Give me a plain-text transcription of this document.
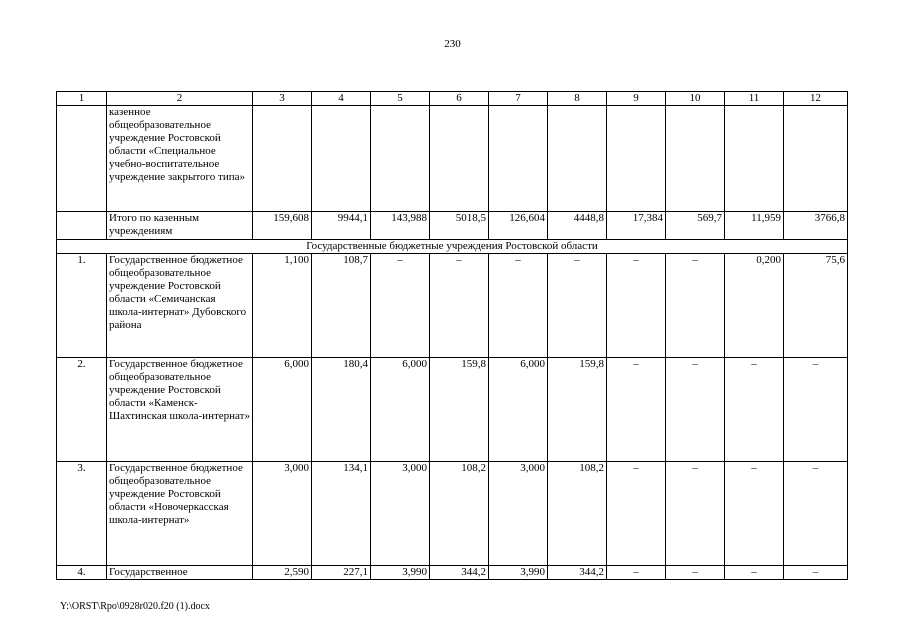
230
1	2	3	4	5	6	7	8	9	10	11	12
	казенное общеобразовательное учреждение Ростовской области «Специальное учебно-воспитательное учреждение закрытого типа»										
	Итого по казенным учреждениям	159,608	9944,1	143,988	5018,5	126,604	4448,8	17,384	569,7	11,959	3766,8
Государственные бюджетные учреждения Ростовской области											
1.	Государственное бюджетное общеобразовательное учреждение Ростовской области «Семичанская школа-интернат» Дубовского района	1,100	108,7	–	–	–	–	–	–	0,200	75,6
2.	Государственное бюджетное общеобразовательное учреждение Ростовской области «Каменск-Шахтинская школа-интернат»	6,000	180,4	6,000	159,8	6,000	159,8	–	–	–	–
3.	Государственное бюджетное общеобразовательное учреждение Ростовской области «Новочеркасская школа-интернат»	3,000	134,1	3,000	108,2	3,000	108,2	–	–	–	–
4.	Государственное	2,590	227,1	3,990	344,2	3,990	344,2	–	–	–	–
Y:\ORST\Rpo\0928r020.f20 (1).docx
